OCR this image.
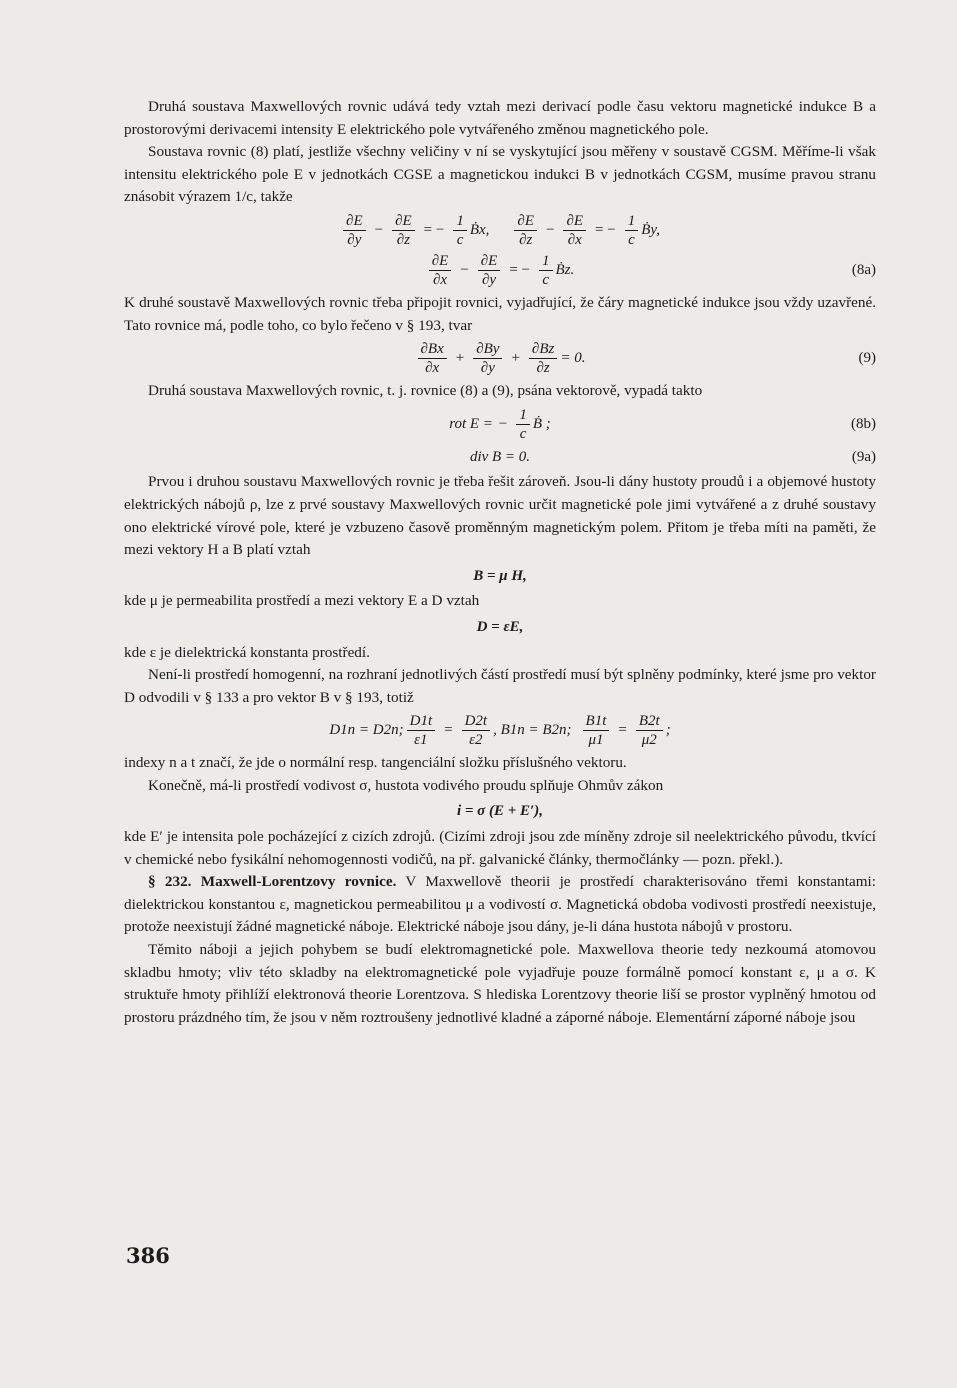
Druhá soustava Maxwellových rovnic udává tedy vztah mezi derivací podle času vektoru magnetické indukce B a prostorovými derivacemi intensity E elektrického pole vytvářeného změnou magnetického pole.

Soustava rovnic (8) platí, jestliže všechny veličiny v ní se vyskytující jsou měřeny v soustavě CGSM. Měříme-li však intensitu elektrického pole E v jednotkách CGSE a magnetickou indukci B v jednotkách CGSM, musíme pravou stranu znásobit výrazem 1/c, takže

$\frac{\partial E}{\partial y} - \frac{\partial E}{\partial z}$ = − $\frac{1}{c}$ Ḃx, $\frac{\partial E}{\partial z} - \frac{\partial E}{\partial x}$ = − $\frac{1}{c}$ Ḃy,
$\frac{\partial E}{\partial x} - \frac{\partial E}{\partial y}$ = − $\frac{1}{c}$ Ḃz.	(8a)

K druhé soustavě Maxwellových rovnic třeba připojit rovnici, vyjadřující, že čáry magnetické indukce jsou vždy uzavřené. Tato rovnice má, podle toho, co bylo řečeno v § 193, tvar

$\frac{\partial Bx}{\partial x} + \frac{\partial By}{\partial y} + \frac{\partial Bz}{\partial z} = 0$.	(9)

Druhá soustava Maxwellových rovnic, t. j. rovnice (8) a (9), psána vektorově, vypadá takto

rot E = − $\frac{1}{c}$ Ḃ ;	(8b)
div B = 0.	(9a)

Prvou i druhou soustavu Maxwellových rovnic je třeba řešit zároveň. Jsou-li dány hustoty proudů i a objemové hustoty elektrických nábojů ρ, lze z prvé soustavy Maxwellových rovnic určit magnetické pole jimi vytvářené a z druhé soustavy ono elektrické vírové pole, které je vzbuzeno časově proměnným magnetickým polem. Přitom je třeba míti na paměti, že mezi vektory H a B platí vztah

B = μ H,

kde μ je permeabilita prostředí a mezi vektory E a D vztah

D = εE,

kde ε je dielektrická konstanta prostředí.

Není-li prostředí homogenní, na rozhraní jednotlivých částí prostředí musí být splněny podmínky, které jsme pro vektor D odvodili v § 133 a pro vektor B v § 193, totiž

D1n = D2n; $\frac{D1t}{\varepsilon 1} = \frac{D2t}{\varepsilon 2}$ , B1n = B2n; $\frac{B1t}{\mu 1} = \frac{B2t}{\mu 2}$ ;

indexy n a t značí, že jde o normální resp. tangenciální složku příslušného vektoru.

Konečně, má-li prostředí vodivost σ, hustota vodivého proudu splňuje Ohmův zákon

i = σ (E + E′),

kde E′ je intensita pole pocházející z cizích zdrojů. (Cizími zdroji jsou zde míněny zdroje sil neelektrického původu, tkvící v chemické nebo fysikální nehomogennosti vodičů, na př. galvanické články, thermočlánky — pozn. překl.).

§ 232. Maxwell-Lorentzovy rovnice. V Maxwellově theorii je prostředí charakterisováno třemi konstantami: dielektrickou konstantou ε, magnetickou permeabilitou μ a vodivostí σ. Magnetická obdoba vodivosti prostředí neexistuje, protože neexistují žádné magnetické náboje. Elektrické náboje jsou dány, je-li dána hustota nábojů v prostoru.

Těmito náboji a jejich pohybem se budí elektromagnetické pole. Maxwellova theorie tedy nezkoumá atomovou skladbu hmoty; vliv této skladby na elektromagnetické pole vyjadřuje pouze formálně pomocí konstant ε, μ a σ. K struktuře hmoty přihlíží elektronová theorie Lorentzova. S hlediska Lorentzovy theorie liší se prostor vyplněný hmotou od prostoru prázdného tím, že jsou v něm roztroušeny jednotlivé kladné a záporné náboje. Elementární záporné náboje jsou

386
